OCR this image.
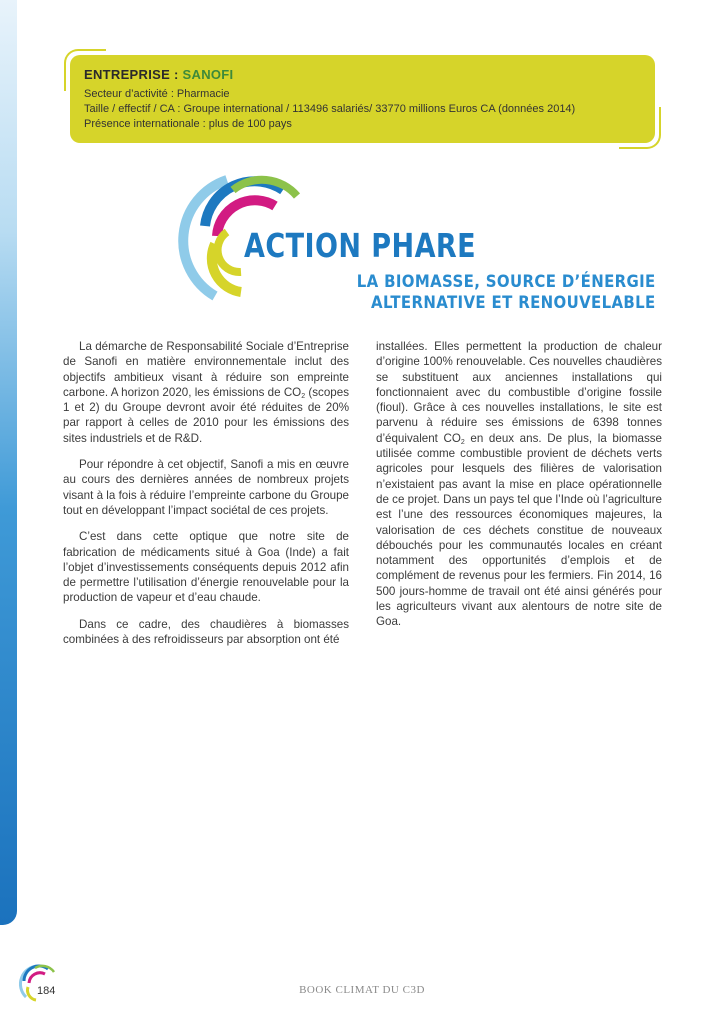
ENTREPRISE : SANOFI
Secteur d’activité : Pharmacie
Taille / effectif / CA : Groupe international / 113496 salariés/ 33770 millions Euros CA (données 2014)
Présence internationale : plus de 100 pays
ACTION PHARE
LA BIOMASSE, SOURCE D’ÉNERGIE
ALTERNATIVE ET RENOUVELABLE

La démarche de Responsabilité Sociale d’Entreprise de Sanofi en matière environnementale inclut des objectifs ambitieux visant à réduire son empreinte carbone. A horizon 2020, les émissions de $CO_2$ (scopes 1 et 2) du Groupe devront avoir été réduites de 20% par rapport à celles de 2010 pour les émissions des sites industriels et de R&D.

Pour répondre à cet objectif, Sanofi a mis en œuvre au cours des dernières années de nombreux projets visant à la fois à réduire l’empreinte carbone du Groupe tout en développant l’impact sociétal de ces projets.

C’est dans cette optique que notre site de fabrication de médicaments situé à Goa (Inde) a fait l’objet d’investissements conséquents depuis 2012 afin de permettre l’utilisation d’énergie renouvelable pour la production de vapeur et d’eau chaude.

Dans ce cadre, des chaudières à biomasses combinées à des refroidisseurs par absorption ont été

installées. Elles permettent la production de chaleur d’origine 100% renouvelable. Ces nouvelles chaudières se substituent aux anciennes installations qui fonctionnaient avec du combustible d’origine fossile (fioul). Grâce à ces nouvelles installations, le site est parvenu à réduire ses émissions de 6398 tonnes d’équivalent $CO_2$ en deux ans. De plus, la biomasse utilisée comme combustible provient de déchets verts agricoles pour lesquels des filières de valorisation n’existaient pas avant la mise en place opérationnelle de ce projet. Dans un pays tel que l’Inde où l’agriculture est l’une des ressources économiques majeures, la valorisation de ces déchets constitue de nouveaux débouchés pour les communautés locales en créant notamment des opportunités d’emplois et de complément de revenus pour les fermiers. Fin 2014, 16 500 jours-homme de travail ont été ainsi générés pour les agriculteurs vivant aux alentours de notre site de Goa.

184	BOOK CLIMAT DU C3D
